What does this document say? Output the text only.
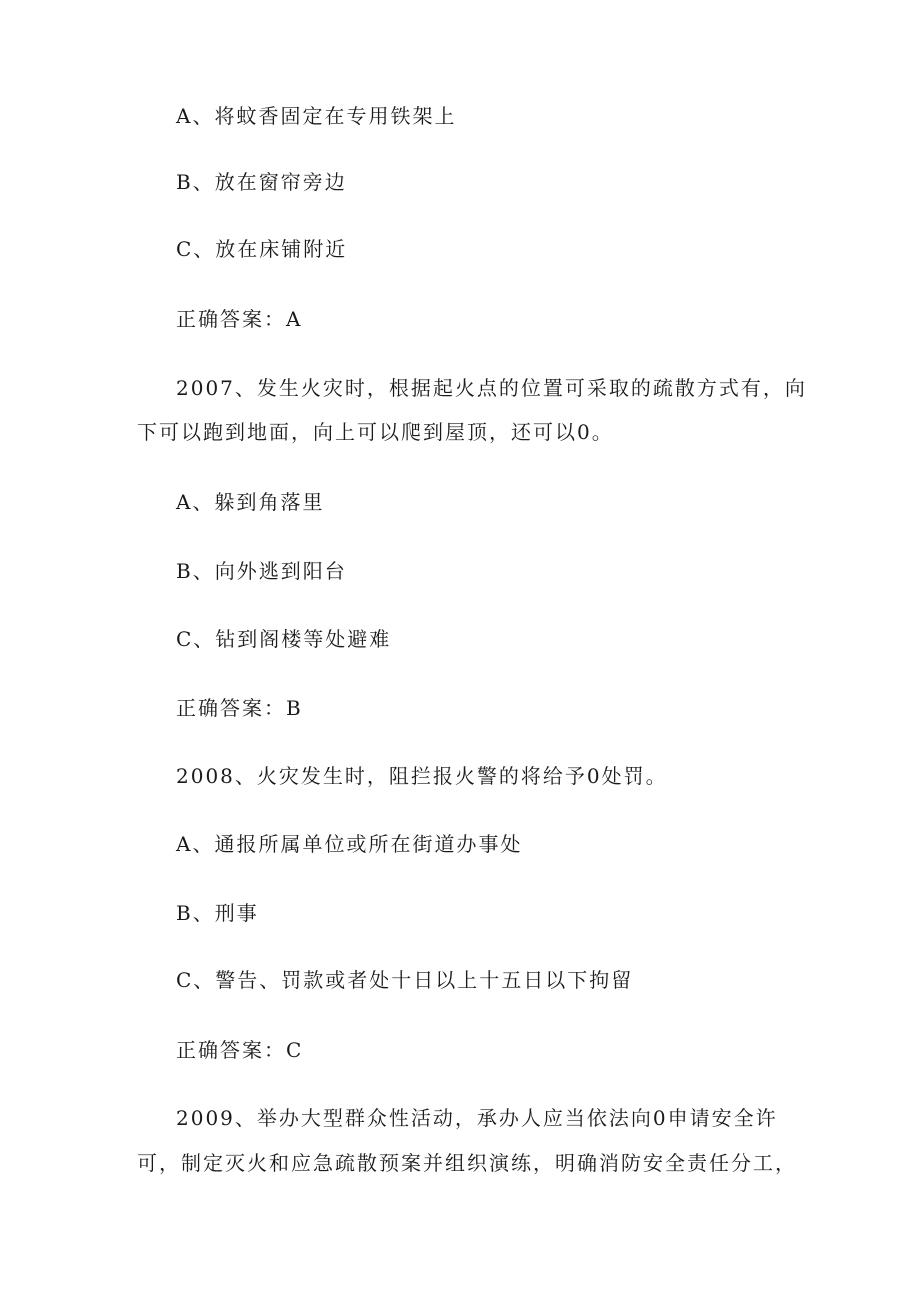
A、将蚊香固定在专用铁架上
B、放在窗帘旁边
C、放在床铺附近
正确答案：A
2007、发生火灾时，根据起火点的位置可采取的疏散方式有，向
下可以跑到地面，向上可以爬到屋顶，还可以0。
A、躲到角落里
B、向外逃到阳台
C、钻到阁楼等处避难
正确答案：B
2008、火灾发生时，阻拦报火警的将给予0处罚。
A、通报所属单位或所在街道办事处
B、刑事
C、警告、罚款或者处十日以上十五日以下拘留
正确答案：C
2009、举办大型群众性活动，承办人应当依法向0申请安全许
可，制定灭火和应急疏散预案并组织演练，明确消防安全责任分工，
